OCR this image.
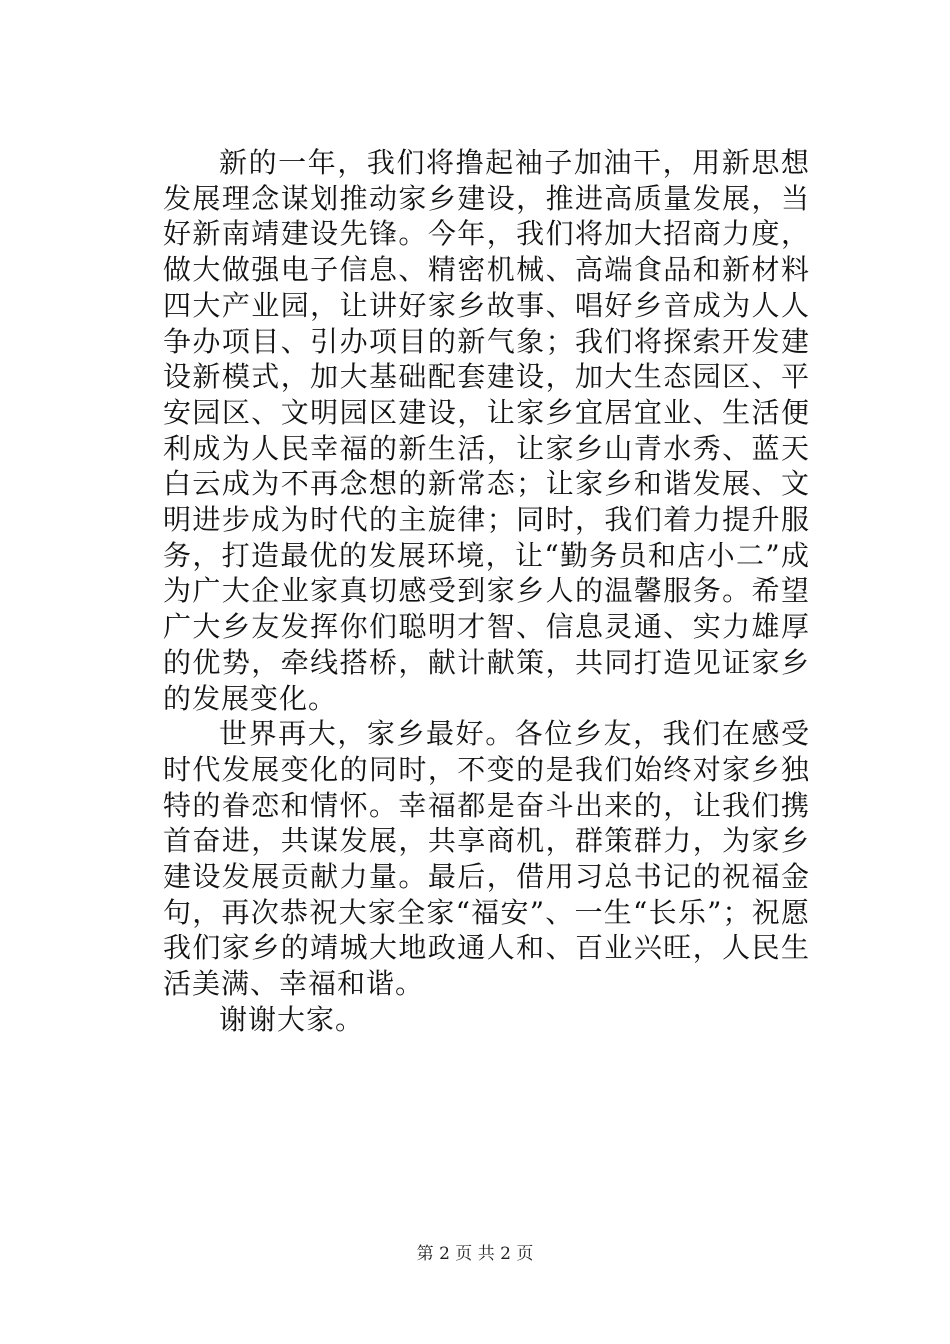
新的一年，我们将撸起袖子加油干，用新思想发展理念谋划推动家乡建设，推进高质量发展，当好新南靖建设先锋。今年，我们将加大招商力度，做大做强电子信息、精密机械、高端食品和新材料四大产业园，让讲好家乡故事、唱好乡音成为人人争办项目、引办项目的新气象；我们将探索开发建设新模式，加大基础配套建设，加大生态园区、平安园区、文明园区建设，让家乡宜居宜业、生活便利成为人民幸福的新生活，让家乡山青水秀、蓝天白云成为不再念想的新常态；让家乡和谐发展、文明进步成为时代的主旋律；同时，我们着力提升服务，打造最优的发展环境，让“勤务员和店小二”成为广大企业家真切感受到家乡人的温馨服务。希望广大乡友发挥你们聪明才智、信息灵通、实力雄厚的优势，牵线搭桥，献计献策，共同打造见证家乡的发展变化。

世界再大，家乡最好。各位乡友，我们在感受时代发展变化的同时，不变的是我们始终对家乡独特的眷恋和情怀。幸福都是奋斗出来的，让我们携首奋进，共谋发展，共享商机，群策群力，为家乡建设发展贡献力量。最后，借用习总书记的祝福金句，再次恭祝大家全家“福安”、一生“长乐”；祝愿我们家乡的靖城大地政通人和、百业兴旺，人民生活美满、幸福和谐。

谢谢大家。

第 2 页 共 2 页
